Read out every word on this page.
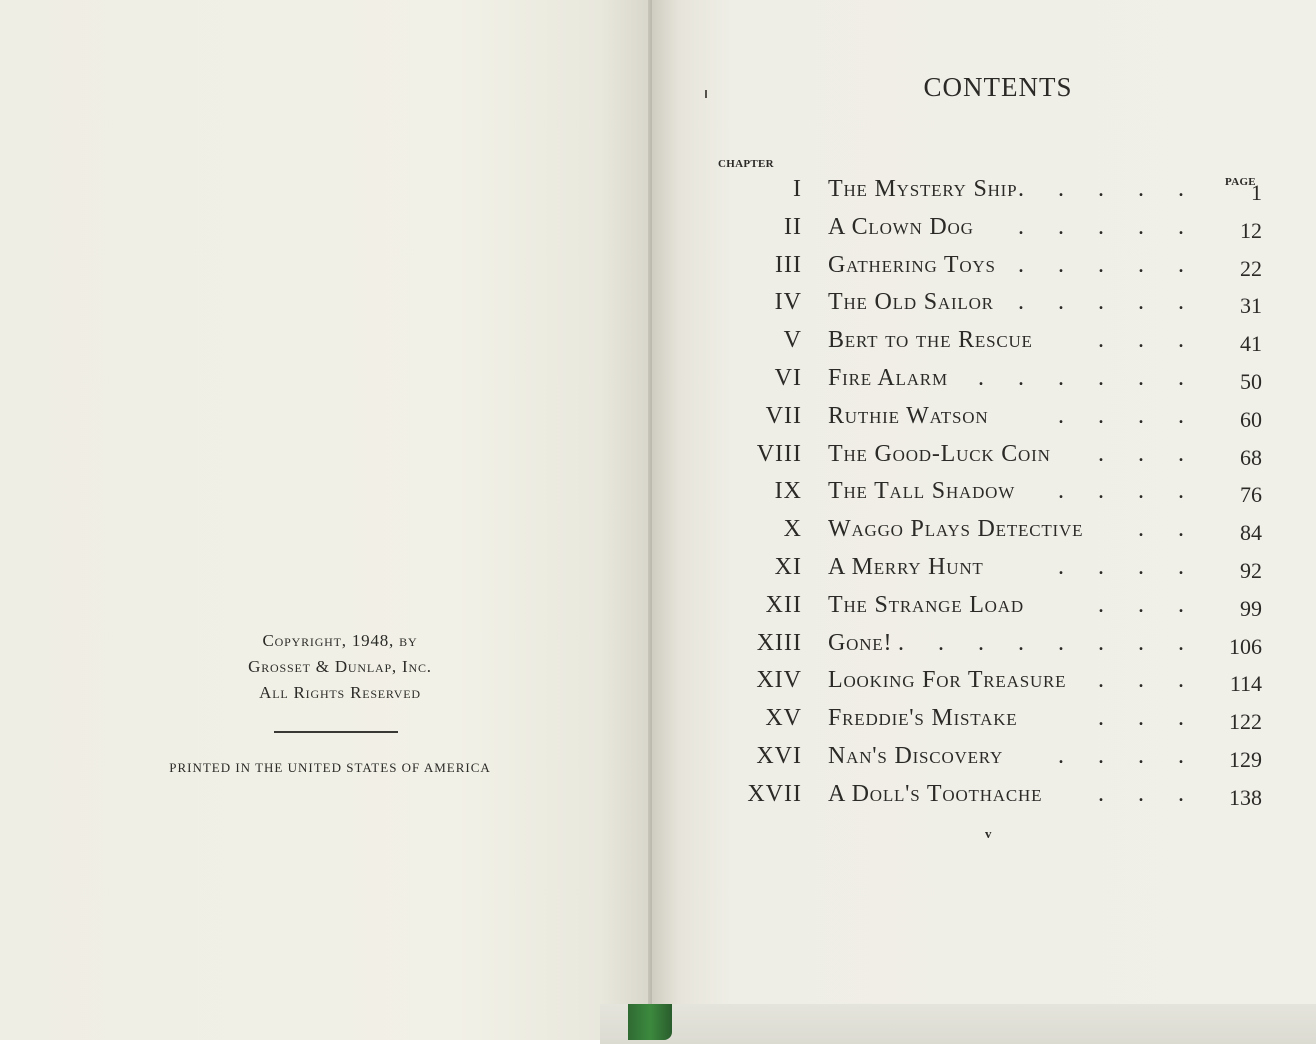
Copyright, 1948, by
Grosset & Dunlap, Inc.
All Rights Reserved
PRINTED IN THE UNITED STATES OF AMERICA
CONTENTS
CHAPTER
PAGE
I The Mystery Ship . . . . .	1
II A Clown Dog . . . . .	12
III Gathering Toys . . . . .	22
IV The Old Sailor . . . . .	31
V Bert to the Rescue	. . .	41
VI Fire Alarm . . . . . .	50
VII Ruthie Watson	. . . .	60
VIII The Good-Luck Coin . . .	68
IX The Tall Shadow . . . .	76
X Waggo Plays Detective . .	84
XI A Merry Hunt	. . . .	92
XII The Strange Load	. . .	99
XIII Gone! . . . . . . . .	106
XIV Looking For Treasure . . .	114
XV Freddie's Mistake	. . .	122
XVI Nan's Discovery . . . .	129
XVII A Doll's Toothache . . .	138
v
